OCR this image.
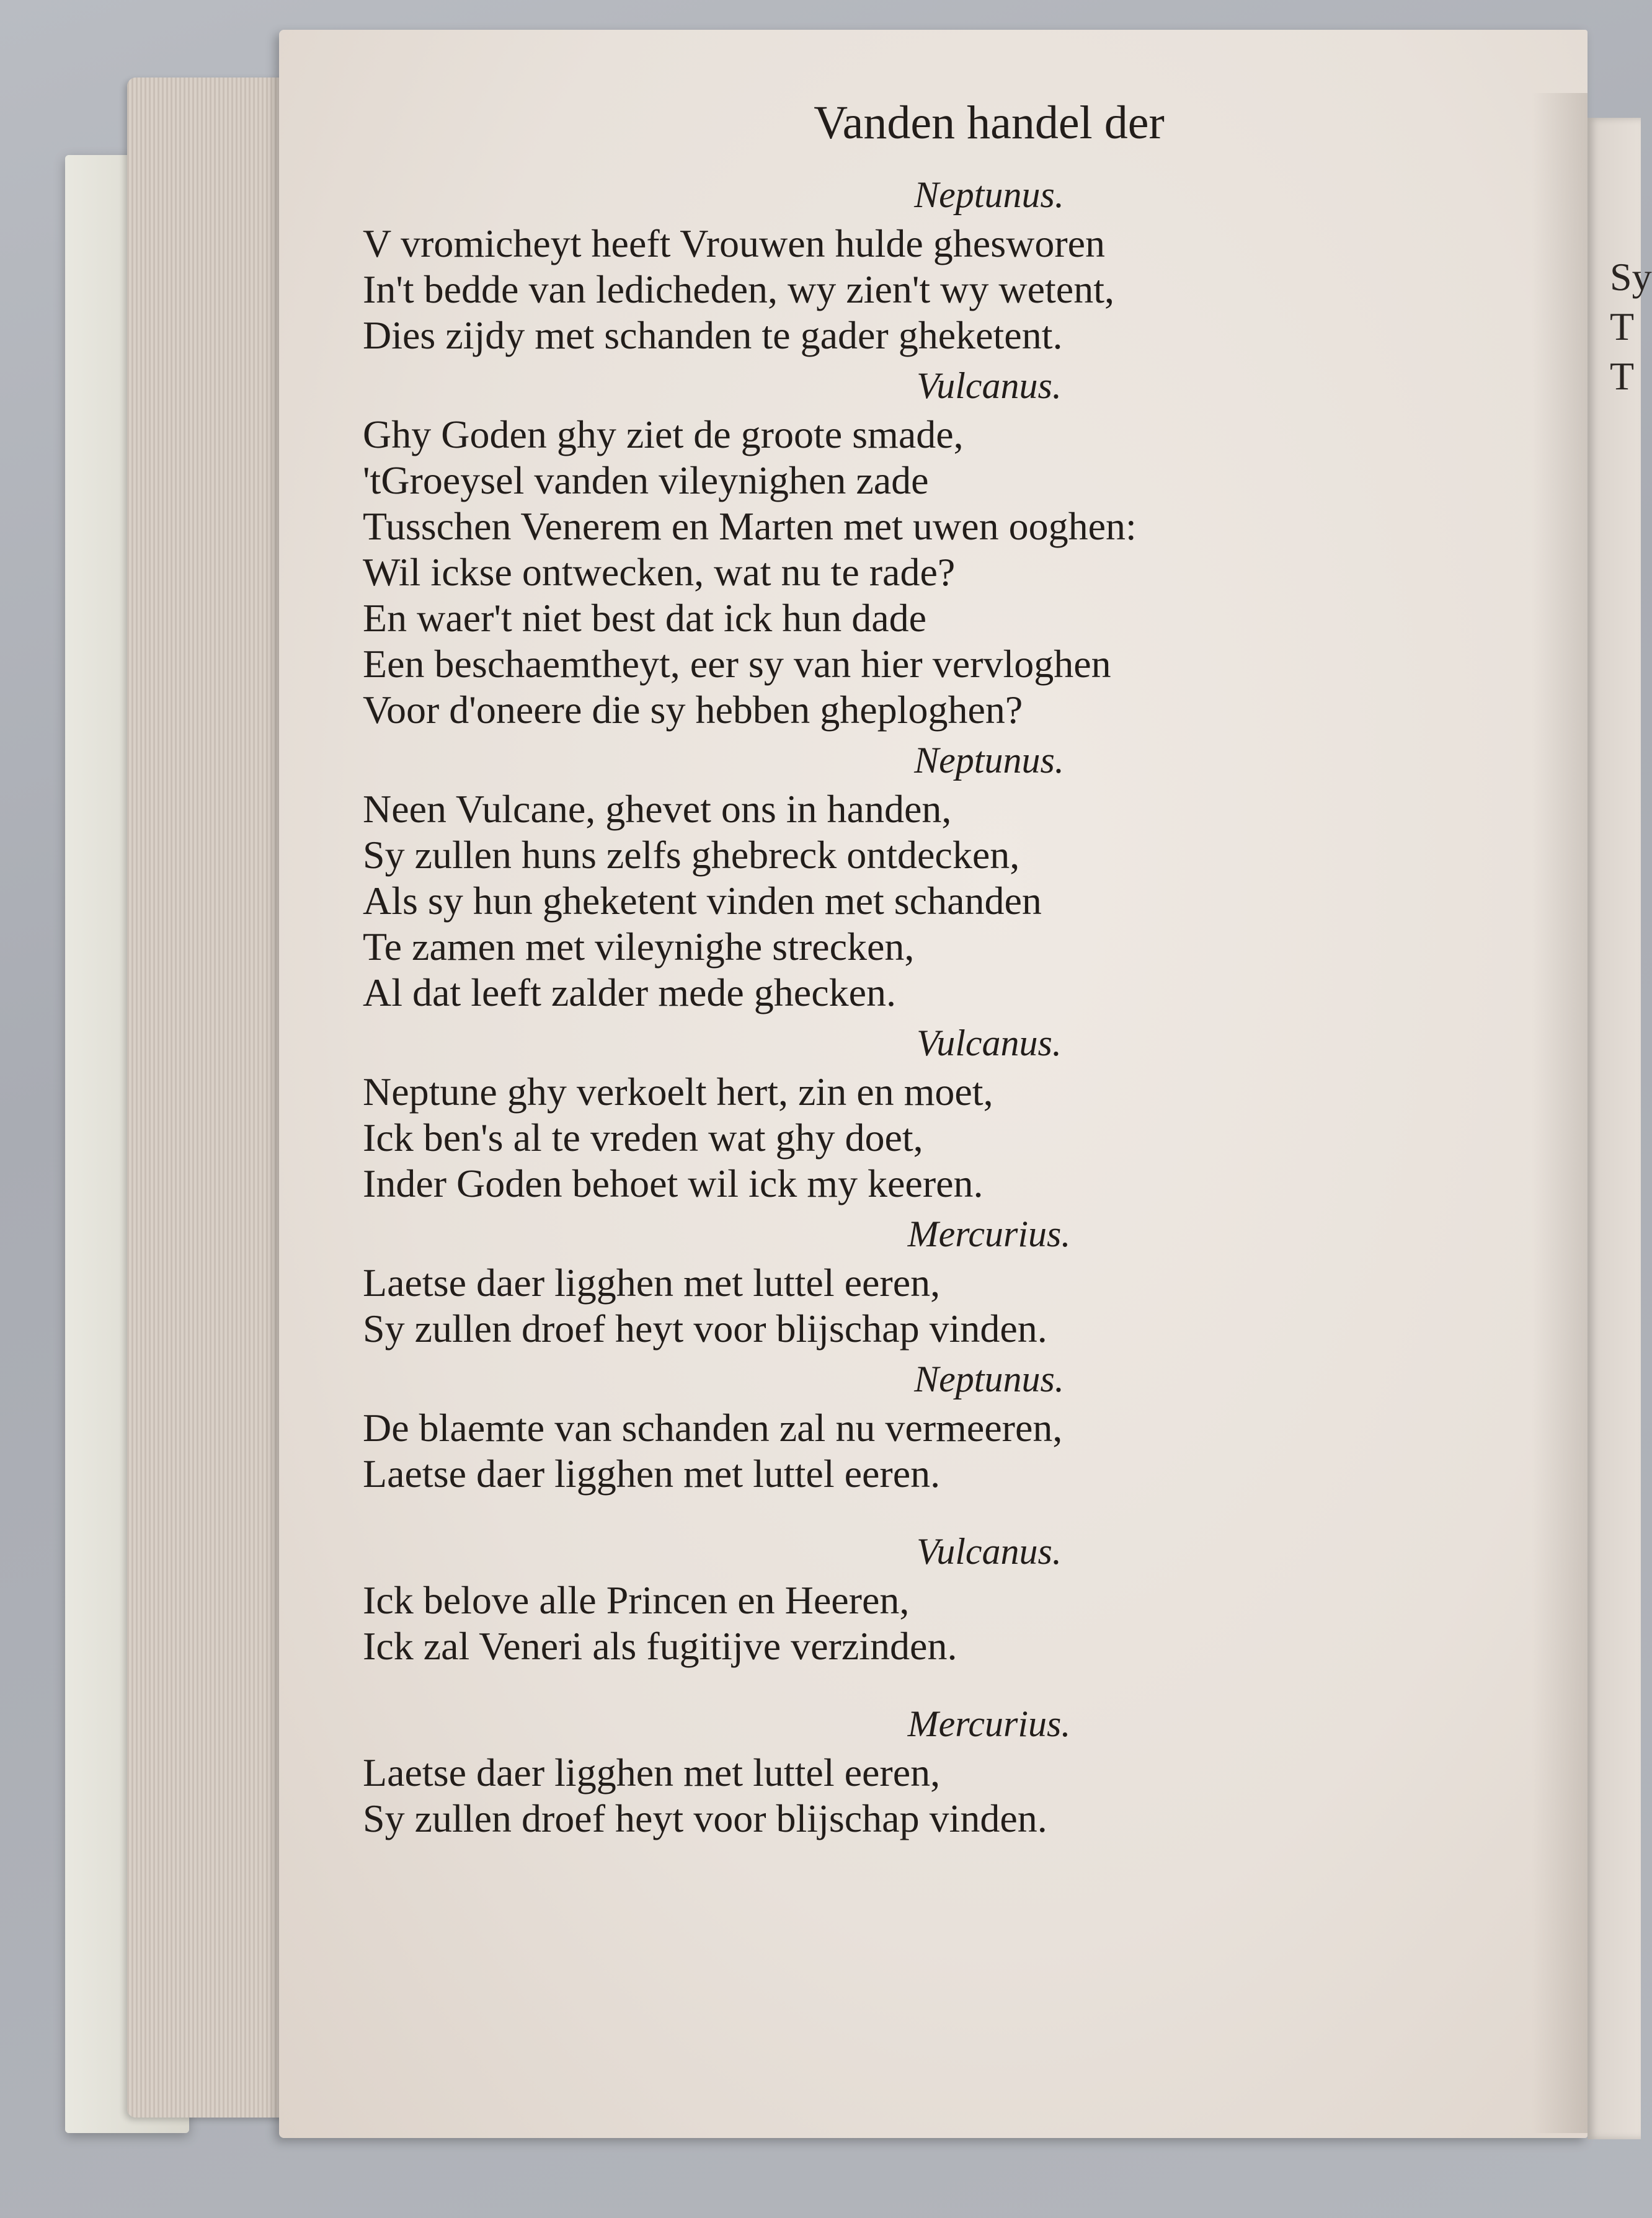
Sy
T
T
Vanden handel der
Neptunus.
V vromicheyt heeft Vrouwen hulde ghesworen
In't bedde van ledicheden, wy zien't wy wetent,
Dies zijdy met schanden te gader gheketent.
Vulcanus.
Ghy Goden ghy ziet de groote smade,
'tGroeysel vanden vileynighen zade
Tusschen Venerem en Marten met uwen ooghen:
Wil ickse ontwecken, wat nu te rade?
En waer't niet best dat ick hun dade
Een beschaemtheyt, eer sy van hier vervloghen
Voor d'oneere die sy hebben gheploghen?
Neptunus.
Neen Vulcane, ghevet ons in handen,
Sy zullen huns zelfs ghebreck ontdecken,
Als sy hun gheketent vinden met schanden
Te zamen met vileynighe strecken,
Al dat leeft zalder mede ghecken.
Vulcanus.
Neptune ghy verkoelt hert, zin en moet,
Ick ben's al te vreden wat ghy doet,
Inder Goden behoet wil ick my keeren.
Mercurius.
Laetse daer ligghen met luttel eeren,
Sy zullen droef heyt voor blijschap vinden.
Neptunus.
De blaemte van schanden zal nu vermeeren,
Laetse daer ligghen met luttel eeren.
Vulcanus.
Ick belove alle Princen en Heeren,
Ick zal Veneri als fugitijve verzinden.
Mercurius.
Laetse daer ligghen met luttel eeren,
Sy zullen droef heyt voor blijschap vinden.
